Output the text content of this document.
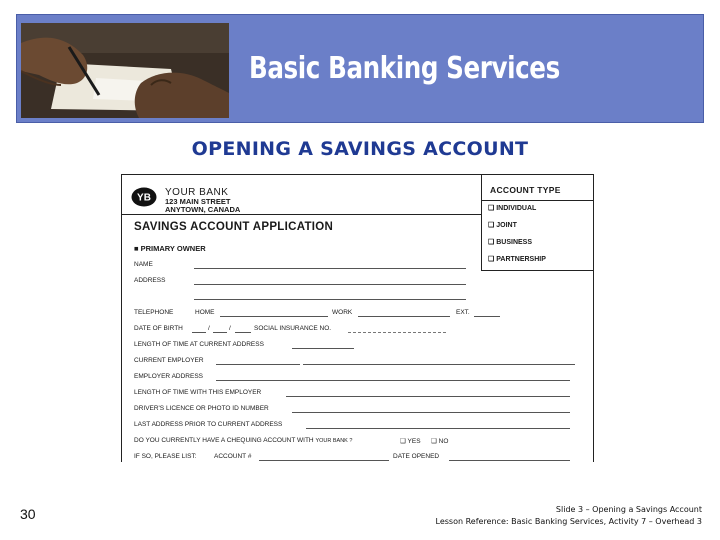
Basic Banking Services
OPENING A SAVINGS ACCOUNT
YB YOUR BANK
123 MAIN STREET
ANYTOWN, CANADA
ACCOUNT TYPE
❑ INDIVIDUAL
❑ JOINT
❑ BUSINESS
❑ PARTNERSHIP
SAVINGS ACCOUNT APPLICATION
■ PRIMARY OWNER
NAME
ADDRESS
TELEPHONE	HOME	WORK	EXT.
DATE OF BIRTH	/	/	SOCIAL INSURANCE NO.
LENGTH OF TIME AT CURRENT ADDRESS
CURRENT EMPLOYER
EMPLOYER ADDRESS
LENGTH OF TIME WITH THIS EMPLOYER
DRIVER'S LICENCE OR PHOTO ID NUMBER
LAST ADDRESS PRIOR TO CURRENT ADDRESS
DO YOU CURRENTLY HAVE A CHEQUING ACCOUNT WITH YOUR BANK ?	❑ YES ❑ NO
IF SO, PLEASE LIST:	ACCOUNT #	DATE OPENED
30	Slide 3 – Opening a Savings Account
Lesson Reference: Basic Banking Services, Activity 7 – Overhead 3
